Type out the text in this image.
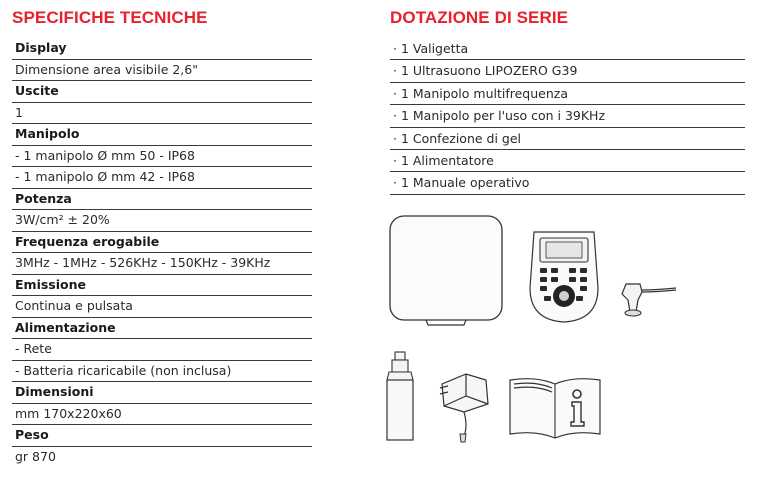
SPECIFICHE TECNICHE	DOTAZIONE DI SERIE
Display
Dimensione area visibile 2,6"
Uscite
1
Manipolo
- 1 manipolo Ø mm 50 - IP68
- 1 manipolo Ø mm 42 - IP68
Potenza
3W/cm² ± 20%
Frequenza erogabile
3MHz - 1MHz - 526KHz - 150KHz - 39KHz
Emissione
Continua e pulsata
Alimentazione
- Rete
- Batteria ricaricabile (non inclusa)
Dimensioni
mm 170x220x60
Peso
gr 870
· 1 Valigetta
· 1 Ultrasuono LIPOZERO G39
· 1 Manipolo multifrequenza
· 1 Manipolo per l'uso con i 39KHz
· 1 Confezione di gel
· 1 Alimentatore
· 1 Manuale operativo
